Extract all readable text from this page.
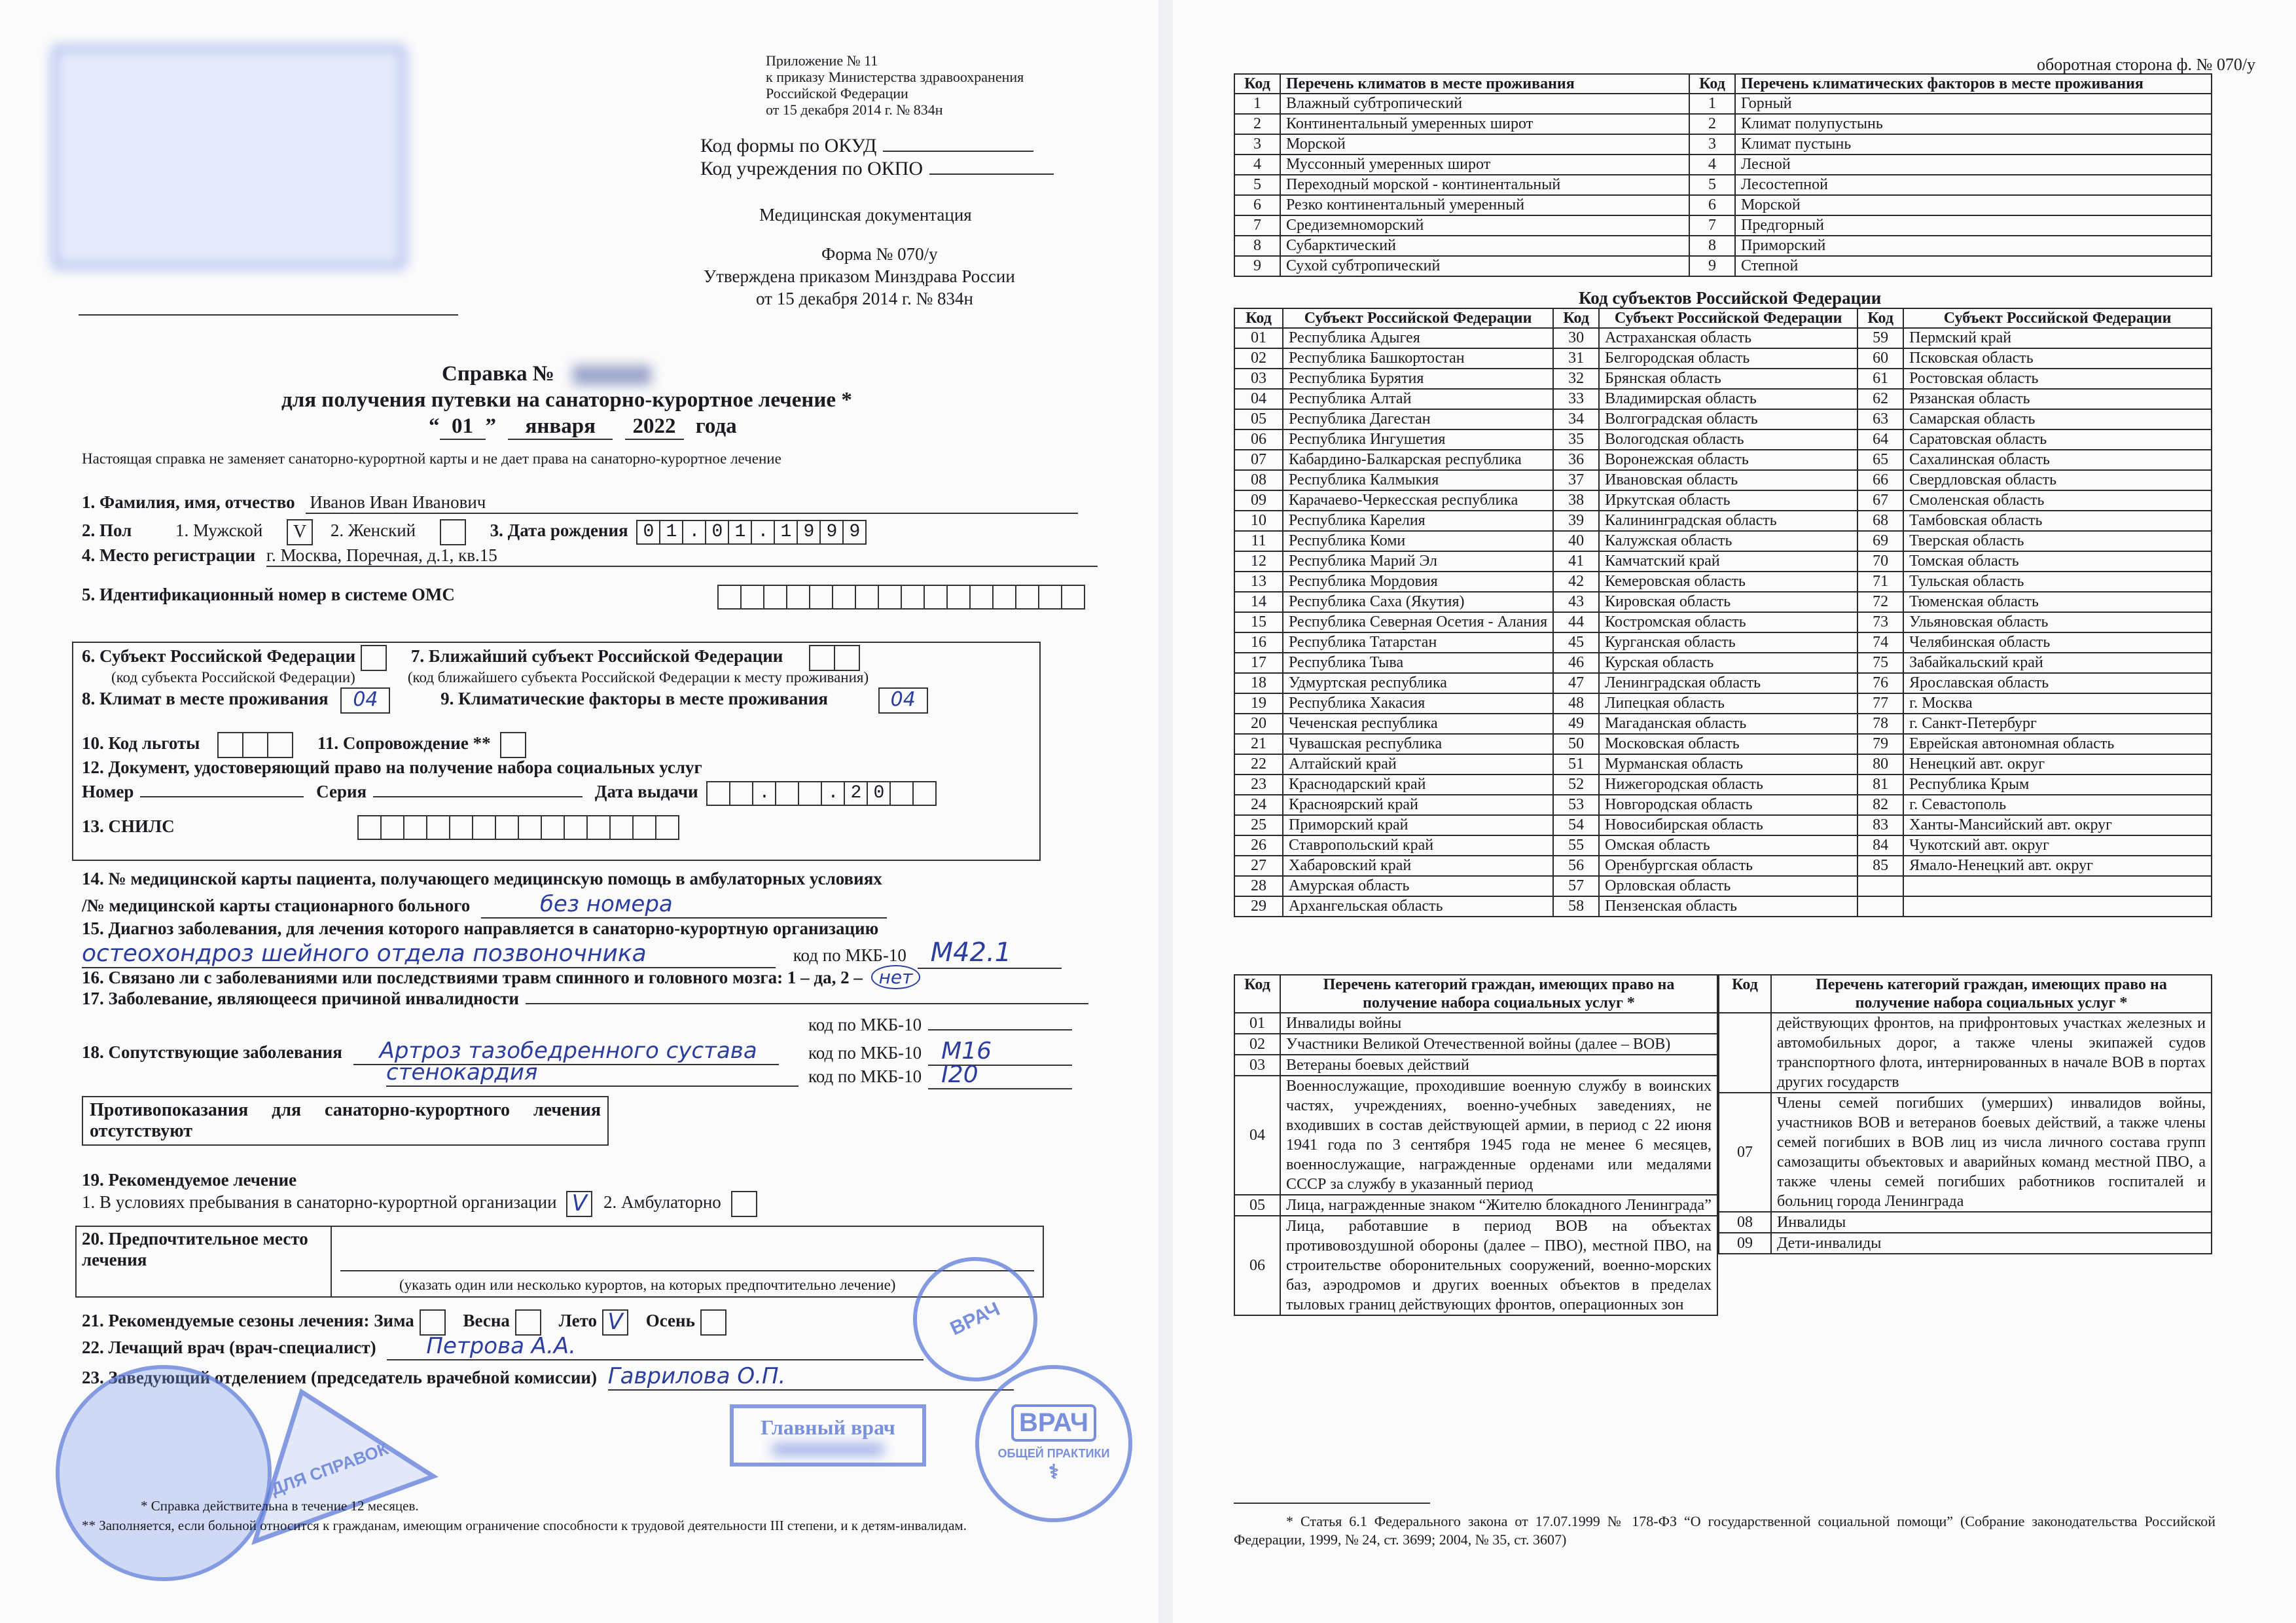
Приложение № 11
к приказу Министерства здравоохранения
Российской Федерации
от 15 декабря 2014 г. № 834н
Код формы по ОКУД
Код учреждения по ОКПО
Медицинская документация
Форма № 070/у
Утверждена приказом Минздрава России
от 15 декабря 2014 г. № 834н
Справка №
для получения путевки на санаторно-курортное лечение *
“ 01 ” января 2022 года
Настоящая справка не заменяет санаторно-курортной карты и не дает права на санаторно-курортное лечение
1. Фамилия, имя, отчество Иванов Иван Иванович
2. Пол 1. Мужской V 2. Женский	3. Дата рождения 0 1 . 0 1 . 1 9 9 9
4. Место регистрации г. Москва, Поречная, д.1, кв.15
5. Идентификационный номер в системе ОМС
6. Субъект Российской Федерации	7. Ближайший субъект Российской Федерации
(код субъекта Российской Федерации)	(код ближайшего субъекта Российской Федерации к месту проживания)
8. Климат в месте проживания 04	9. Климатические факторы в месте проживания	04
10. Код льготы	11. Сопровождение **
12. Документ, удостоверяющий право на получение набора социальных услуг
Номер	Серия	Дата выдачи	.	. 2 0
13. СНИЛС
14. № медицинской карты пациента, получающего медицинскую помощь в амбулаторных условиях
/№ медицинской карты стационарного больного	без номера
15. Диагноз заболевания, для лечения которого направляется в санаторно-курортную организацию
остеохондроз шейного отдела позвоночника	код по МКБ-10 M42.1
16. Связано ли с заболеваниями или последствиями травм спинного и головного мозга: 1 – да, 2 – нет
17. Заболевание, являющееся причиной инвалидности
код по МКБ-10
18. Сопутствующие заболевания Артроз тазобедренного сустава	код по МКБ-10 M16
стенокардия	код по МКБ-10 I20
Противопоказания для санаторно-курортного лечения отсутствуют
19. Рекомендуемое лечение
1. В условиях пребывания в санаторно-курортной организации V 2. Амбулаторно
20. Предпочтительное место лечения
(указать один или несколько курортов, на которых предпочтительно лечение)
21. Рекомендуемые сезоны лечения: Зима	Весна	Лето V Осень
22. Лечащий врач (врач-специалист) Петрова А.А.
23. Заведующий отделением (председатель врачебной комиссии) Гаврилова О.П.
ДЛЯ СПРАВОК
Главный врач	ВРАЧ
ОБЩЕЙ ПРАКТИКИ
⚕
ВРАЧ
* Справка действительна в течение 12 месяцев.
** Заполняется, если больной относится к гражданам, имеющим ограничение способности к трудовой деятельности III степени, и к детям-инвалидам.
оборотная сторона ф. № 070/у
Код	Перечень климатов в месте проживания	Код	Перечень климатических факторов в месте проживания
1	Влажный субтропический	1	Горный
2	Континентальный умеренных широт	2	Климат полупустынь
3	Морской	3	Климат пустынь
4	Муссонный умеренных широт	4	Лесной
5	Переходный морской - континентальный	5	Лесостепной
6	Резко континентальный умеренный	6	Морской
7	Средиземноморский	7	Предгорный
8	Субарктический	8	Приморский
9	Сухой субтропический	9	Степной
Код субъектов Российской Федерации
Код	Субъект Российской Федерации	Код	Субъект Российской Федерации	Код	Субъект Российской Федерации
01	Республика Адыгея	30	Астраханская область	59	Пермский край
02	Республика Башкортостан	31	Белгородская область	60	Псковская область
03	Республика Бурятия	32	Брянская область	61	Ростовская область
04	Республика Алтай	33	Владимирская область	62	Рязанская область
05	Республика Дагестан	34	Волгоградская область	63	Самарская область
06	Республика Ингушетия	35	Вологодская область	64	Саратовская область
07	Кабардино-Балкарская республика	36	Воронежская область	65	Сахалинская область
08	Республика Калмыкия	37	Ивановская область	66	Свердловская область
09	Карачаево-Черкесская республика	38	Иркутская область	67	Смоленская область
10	Республика Карелия	39	Калининградская область	68	Тамбовская область
11	Республика Коми	40	Калужская область	69	Тверская область
12	Республика Марий Эл	41	Камчатский край	70	Томская область
13	Республика Мордовия	42	Кемеровская область	71	Тульская область
14	Республика Саха (Якутия)	43	Кировская область	72	Тюменская область
15	Республика Северная Осетия - Алания	44	Костромская область	73	Ульяновская область
16	Республика Татарстан	45	Курганская область	74	Челябинская область
17	Республика Тыва	46	Курская область	75	Забайкальский край
18	Удмуртская республика	47	Ленинградская область	76	Ярославская область
19	Республика Хакасия	48	Липецкая область	77	г. Москва
20	Чеченская республика	49	Магаданская область	78	г. Санкт-Петербург
21	Чувашская республика	50	Московская область	79	Еврейская автономная область
22	Алтайский край	51	Мурманская область	80	Ненецкий авт. округ
23	Краснодарский край	52	Нижегородская область	81	Республика Крым
24	Красноярский край	53	Новгородская область	82	г. Севастополь
25	Приморский край	54	Новосибирская область	83	Ханты-Мансийский авт. округ
26	Ставропольский край	55	Омская область	84	Чукотский авт. округ
27	Хабаровский край	56	Оренбургская область	85	Ямало-Ненецкий авт. округ
28	Амурская область	57	Орловская область		
29	Архангельская область	58	Пензенская область		
Код	Перечень категорий граждан, имеющих право на получение набора социальных услуг *
01	Инвалиды войны
02	Участники Великой Отечественной войны (далее – ВОВ)
03	Ветераны боевых действий
04	Военнослужащие, проходившие военную службу в воинских частях, учреждениях, военно-учебных заведениях, не входивших в состав действующей армии, в период с 22 июня 1941 года по 3 сентября 1945 года не менее 6 месяцев, военнослужащие, награжденные орденами или медалями СССР за службу в указанный период
05	Лица, награжденные знаком “Жителю блокадного Ленинграда”
06	Лица, работавшие в период ВОВ на объектах противовоздушной обороны (далее – ПВО), местной ПВО, на строительстве оборонительных сооружений, военно-морских баз, аэродромов и других военных объектов в пределах тыловых границ действующих фронтов, операционных зон
Код	Перечень категорий граждан, имеющих право на получение набора социальных услуг *
	действующих фронтов, на прифронтовых участках железных и автомобильных дорог, а также члены экипажей судов транспортного флота, интернированных в начале ВОВ в портах других государств
07	Члены семей погибших (умерших) инвалидов войны, участников ВОВ и ветеранов боевых действий, а также члены семей погибших в ВОВ лиц из числа личного состава групп самозащиты объектовых и аварийных команд местной ПВО, а также члены семей погибших работников госпиталей и больниц города Ленинграда
08	Инвалиды
09	Дети-инвалиды
* Статья 6.1 Федерального закона от 17.07.1999 № 178-ФЗ “О государственной социальной помощи” (Собрание законодательства Российской Федерации, 1999, № 24, ст. 3699; 2004, № 35, ст. 3607)
